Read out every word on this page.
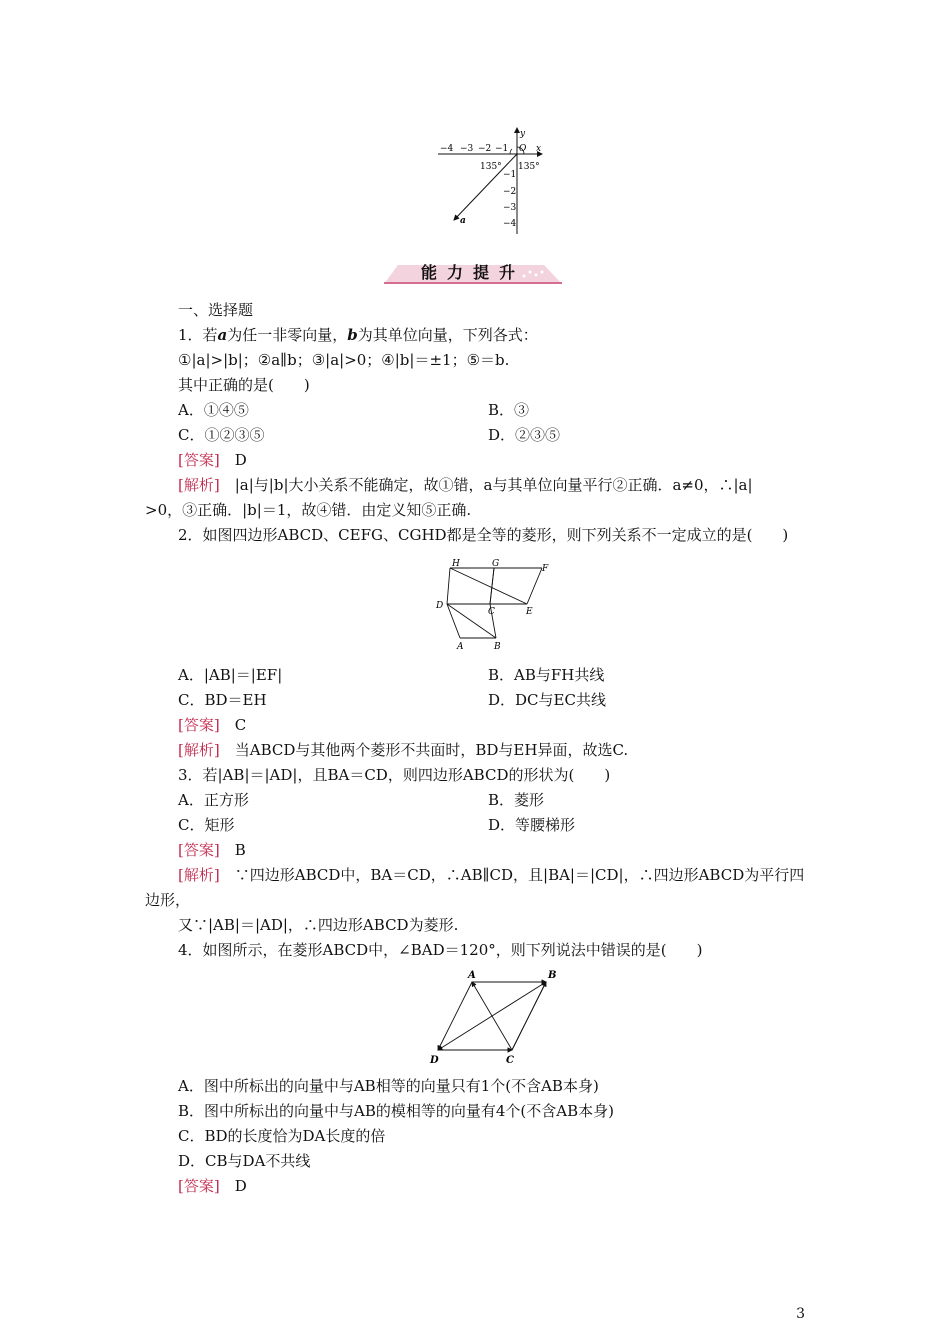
−4 −3 −2 −1 O x
y
−1
−2
−3
−4
135° 135°
a
能力提升
一、选择题
1．若a为任一非零向量，b为其单位向量，下列各式：
①|a|>|b|；②a∥b；③|a|>0；④|b|＝±1；⑤＝b.
其中正确的是(　　)
A．①④⑤	B．③
C．①②③⑤	D．②③⑤
[答案]　 D
[解析]　 |a|与|b|大小关系不能确定，故①错，a与其单位向量平行②正确．a≠0，∴|a|
>0，③正确．|b|＝1，故④错．由定义知⑤正确.
2．如图四边形ABCD、CEFG、CGHD都是全等的菱形，则下列关系不一定成立的是(　　)
H	G	F
D
C	E
A	B
A．|AB|＝|EF|	B．AB与FH共线
C．BD＝EH	D．DC与EC共线
[答案]　 C
[解析]　 当ABCD与其他两个菱形不共面时，BD与EH异面，故选C.
3．若|AB|＝|AD|，且BA＝CD，则四边形ABCD的形状为(　　)
A．正方形	B．菱形
C．矩形	D．等腰梯形
[答案]　 B
[解析]　 ∵四边形ABCD中，BA＝CD，∴AB∥CD，且|BA|＝|CD|，∴四边形ABCD为平行四
边形，
又∵|AB|＝|AD|，∴四边形ABCD为菱形.
4．如图所示，在菱形ABCD中，∠BAD＝120°，则下列说法中错误的是(　　)
A	B
D	C
A．图中所标出的向量中与AB相等的向量只有1个(不含AB本身)
B．图中所标出的向量中与AB的模相等的向量有4个(不含AB本身)
C．BD的长度恰为DA长度的倍
D．CB与DA不共线
[答案]　 D
3
